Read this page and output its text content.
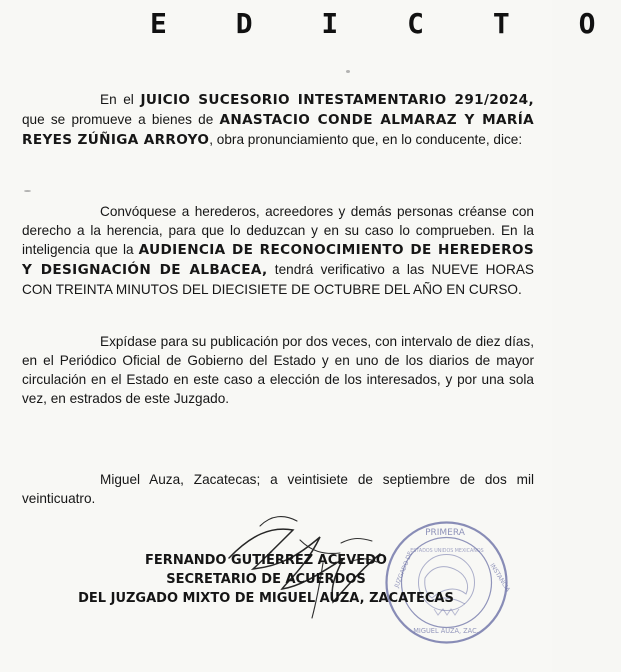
E D I C T O

En el JUICIO SUCESORIO INTESTAMENTARIO 291/2024, que se promueve a bienes de ANASTACIO CONDE ALMARAZ Y MARÍA REYES ZÚÑIGA ARROYO, obra pronunciamiento que, en lo conducente, dice:

Convóquese a herederos, acreedores y demás personas créanse con derecho a la herencia, para que lo deduzcan y en su caso lo comprueben. En la inteligencia que la AUDIENCIA DE RECONOCIMIENTO DE HEREDEROS Y DESIGNACIÓN DE ALBACEA, tendrá verificativo a las NUEVE HORAS CON TREINTA MINUTOS DEL DIECISIETE DE OCTUBRE DEL AÑO EN CURSO.

Expídase para su publicación por dos veces, con intervalo de diez días, en el Periódico Oficial de Gobierno del Estado y en uno de los diarios de mayor circulación en el Estado en este caso a elección de los interesados, y por una sola vez, en estrados de este Juzgado.

Miguel Auza, Zacatecas; a veintisiete de septiembre de dos mil veinticuatro.

PRIMERA
JUZGADO DE	INSTANCIA
MIGUEL AUZA, ZAC.
ESTADOS UNIDOS MEXICANOS
FERNANDO GUTIÉRREZ ACEVEDO
SECRETARIO DE ACUERDOS
DEL JUZGADO MIXTO DE MIGUEL AUZA, ZACATECAS
